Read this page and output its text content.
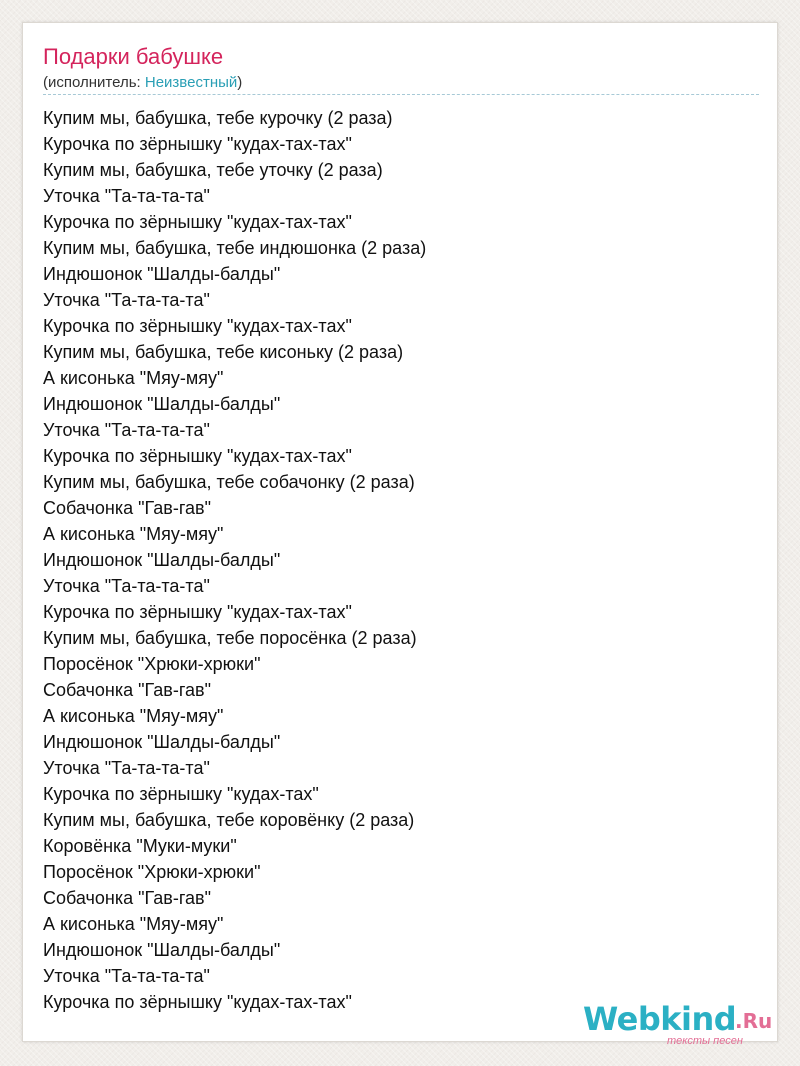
Подарки бабушке
(исполнитель: Неизвестный)
Купим мы, бабушка, тебе курочку (2 раза)
Курочка по зёрнышку "кудах-тах-тах"
Купим мы, бабушка, тебе уточку (2 раза)
Уточка "Та-та-та-та"
Курочка по зёрнышку "кудах-тах-тах"
Купим мы, бабушка, тебе индюшонка (2 раза)
Индюшонок "Шалды-балды"
Уточка "Та-та-та-та"
Курочка по зёрнышку "кудах-тах-тах"
Купим мы, бабушка, тебе кисоньку (2 раза)
А кисонька "Мяу-мяу"
Индюшонок "Шалды-балды"
Уточка "Та-та-та-та"
Курочка по зёрнышку "кудах-тах-тах"
Купим мы, бабушка, тебе собачонку (2 раза)
Собачонка "Гав-гав"
А кисонька "Мяу-мяу"
Индюшонок "Шалды-балды"
Уточка "Та-та-та-та"
Курочка по зёрнышку "кудах-тах-тах"
Купим мы, бабушка, тебе поросёнка (2 раза)
Поросёнок "Хрюки-хрюки"
Собачонка "Гав-гав"
А кисонька "Мяу-мяу"
Индюшонок "Шалды-балды"
Уточка "Та-та-та-та"
Курочка по зёрнышку "кудах-тах"
Купим мы, бабушка, тебе коровёнку (2 раза)
Коровёнка "Муки-муки"
Поросёнок "Хрюки-хрюки"
Собачонка "Гав-гав"
А кисонька "Мяу-мяу"
Индюшонок "Шалды-балды"
Уточка "Та-та-та-та"
Курочка по зёрнышку "кудах-тах-тах"	Webkind
.Ru
тексты песен
